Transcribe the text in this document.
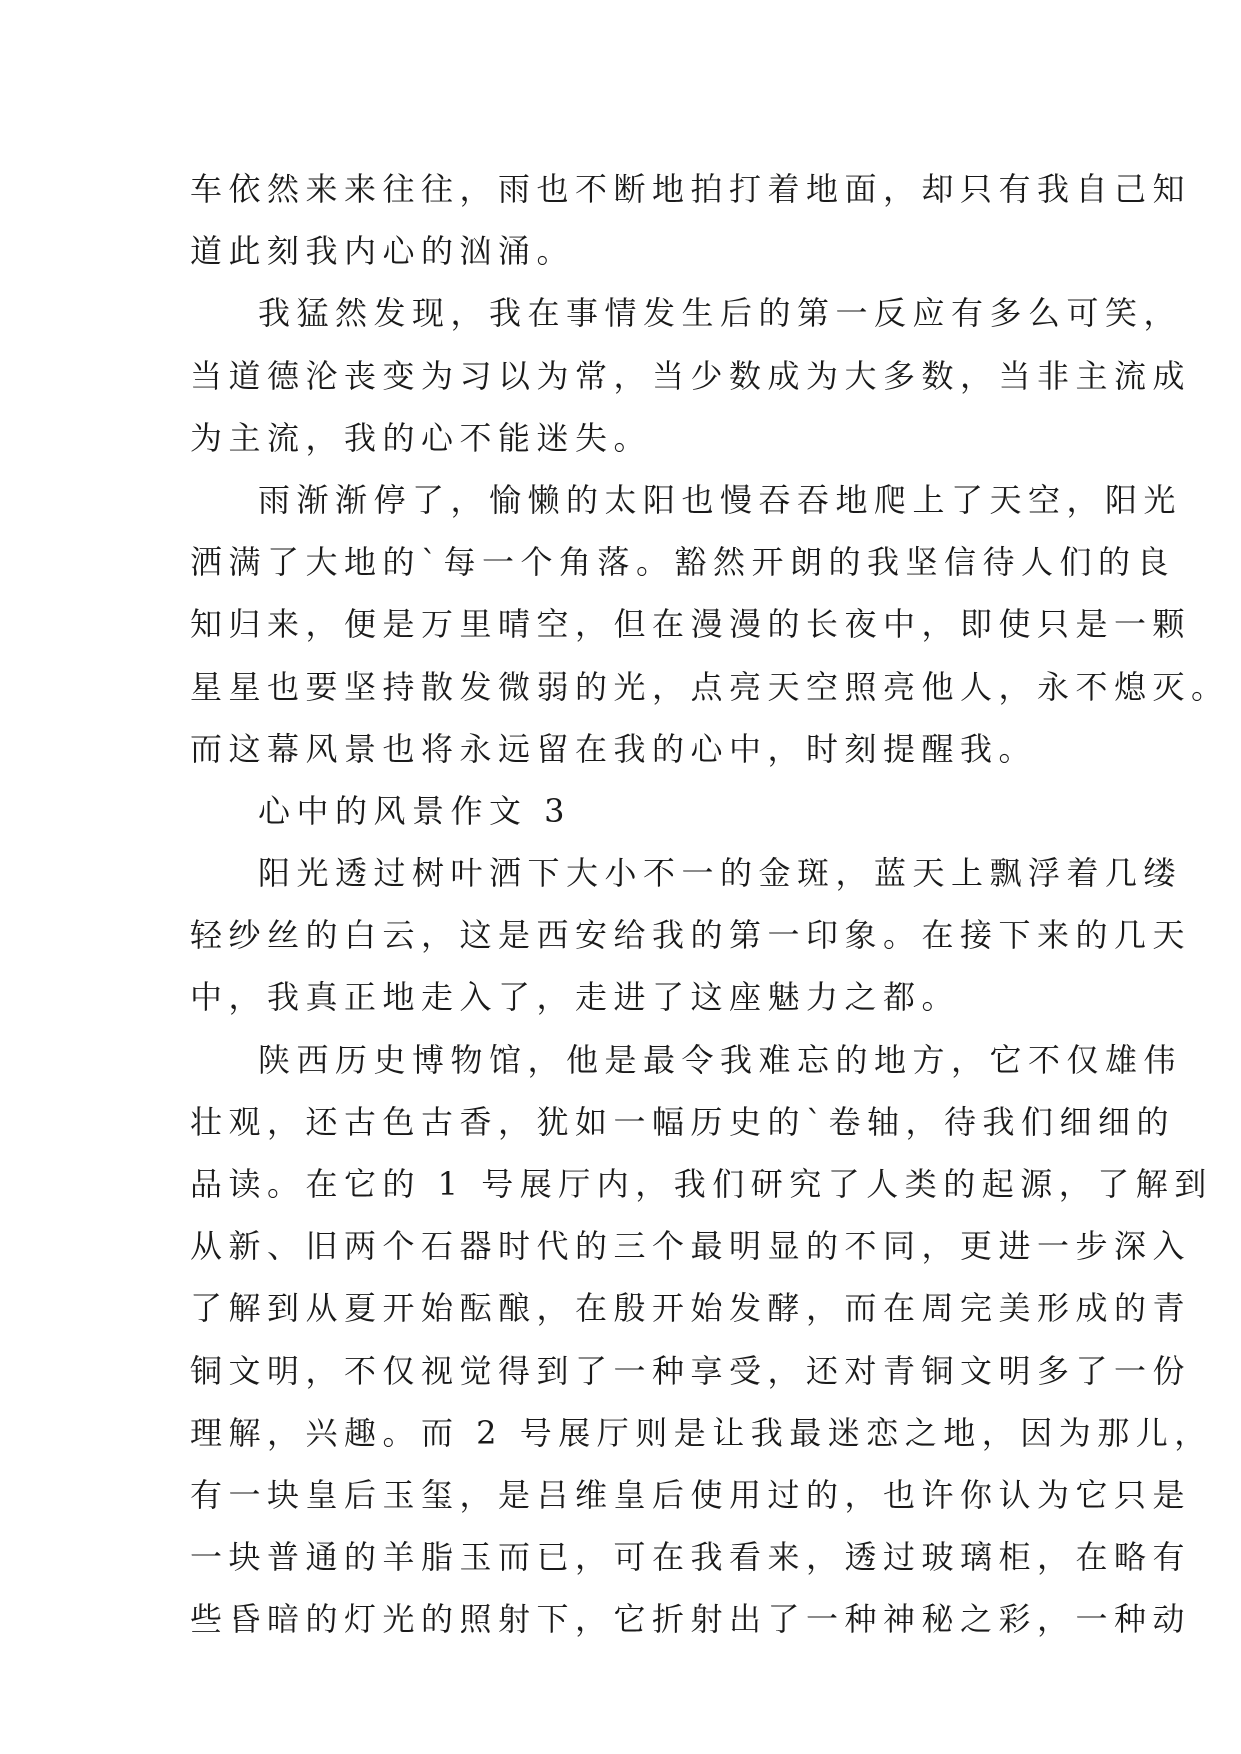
车依然来来往往，雨也不断地拍打着地面，却只有我自己知
道此刻我内心的汹涌。
我猛然发现，我在事情发生后的第一反应有多么可笑，
当道德沦丧变为习以为常，当少数成为大多数，当非主流成
为主流，我的心不能迷失。
雨渐渐停了，愉懒的太阳也慢吞吞地爬上了天空，阳光
洒满了大地的`每一个角落。豁然开朗的我坚信待人们的良
知归来，便是万里晴空，但在漫漫的长夜中，即使只是一颗
星星也要坚持散发微弱的光，点亮天空照亮他人，永不熄灭。
而这幕风景也将永远留在我的心中，时刻提醒我。
心中的风景作文 3
阳光透过树叶洒下大小不一的金斑，蓝天上飘浮着几缕
轻纱丝的白云，这是西安给我的第一印象。在接下来的几天
中，我真正地走入了，走进了这座魅力之都。
陕西历史博物馆，他是最令我难忘的地方，它不仅雄伟
壮观，还古色古香，犹如一幅历史的`卷轴，待我们细细的
品读。在它的 1 号展厅内，我们研究了人类的起源，了解到
从新、旧两个石器时代的三个最明显的不同，更进一步深入
了解到从夏开始酝酿，在殷开始发酵，而在周完美形成的青
铜文明，不仅视觉得到了一种享受，还对青铜文明多了一份
理解，兴趣。而 2 号展厅则是让我最迷恋之地，因为那儿，
有一块皇后玉玺，是吕维皇后使用过的，也许你认为它只是
一块普通的羊脂玉而已，可在我看来，透过玻璃柜，在略有
些昏暗的灯光的照射下，它折射出了一种神秘之彩，一种动
